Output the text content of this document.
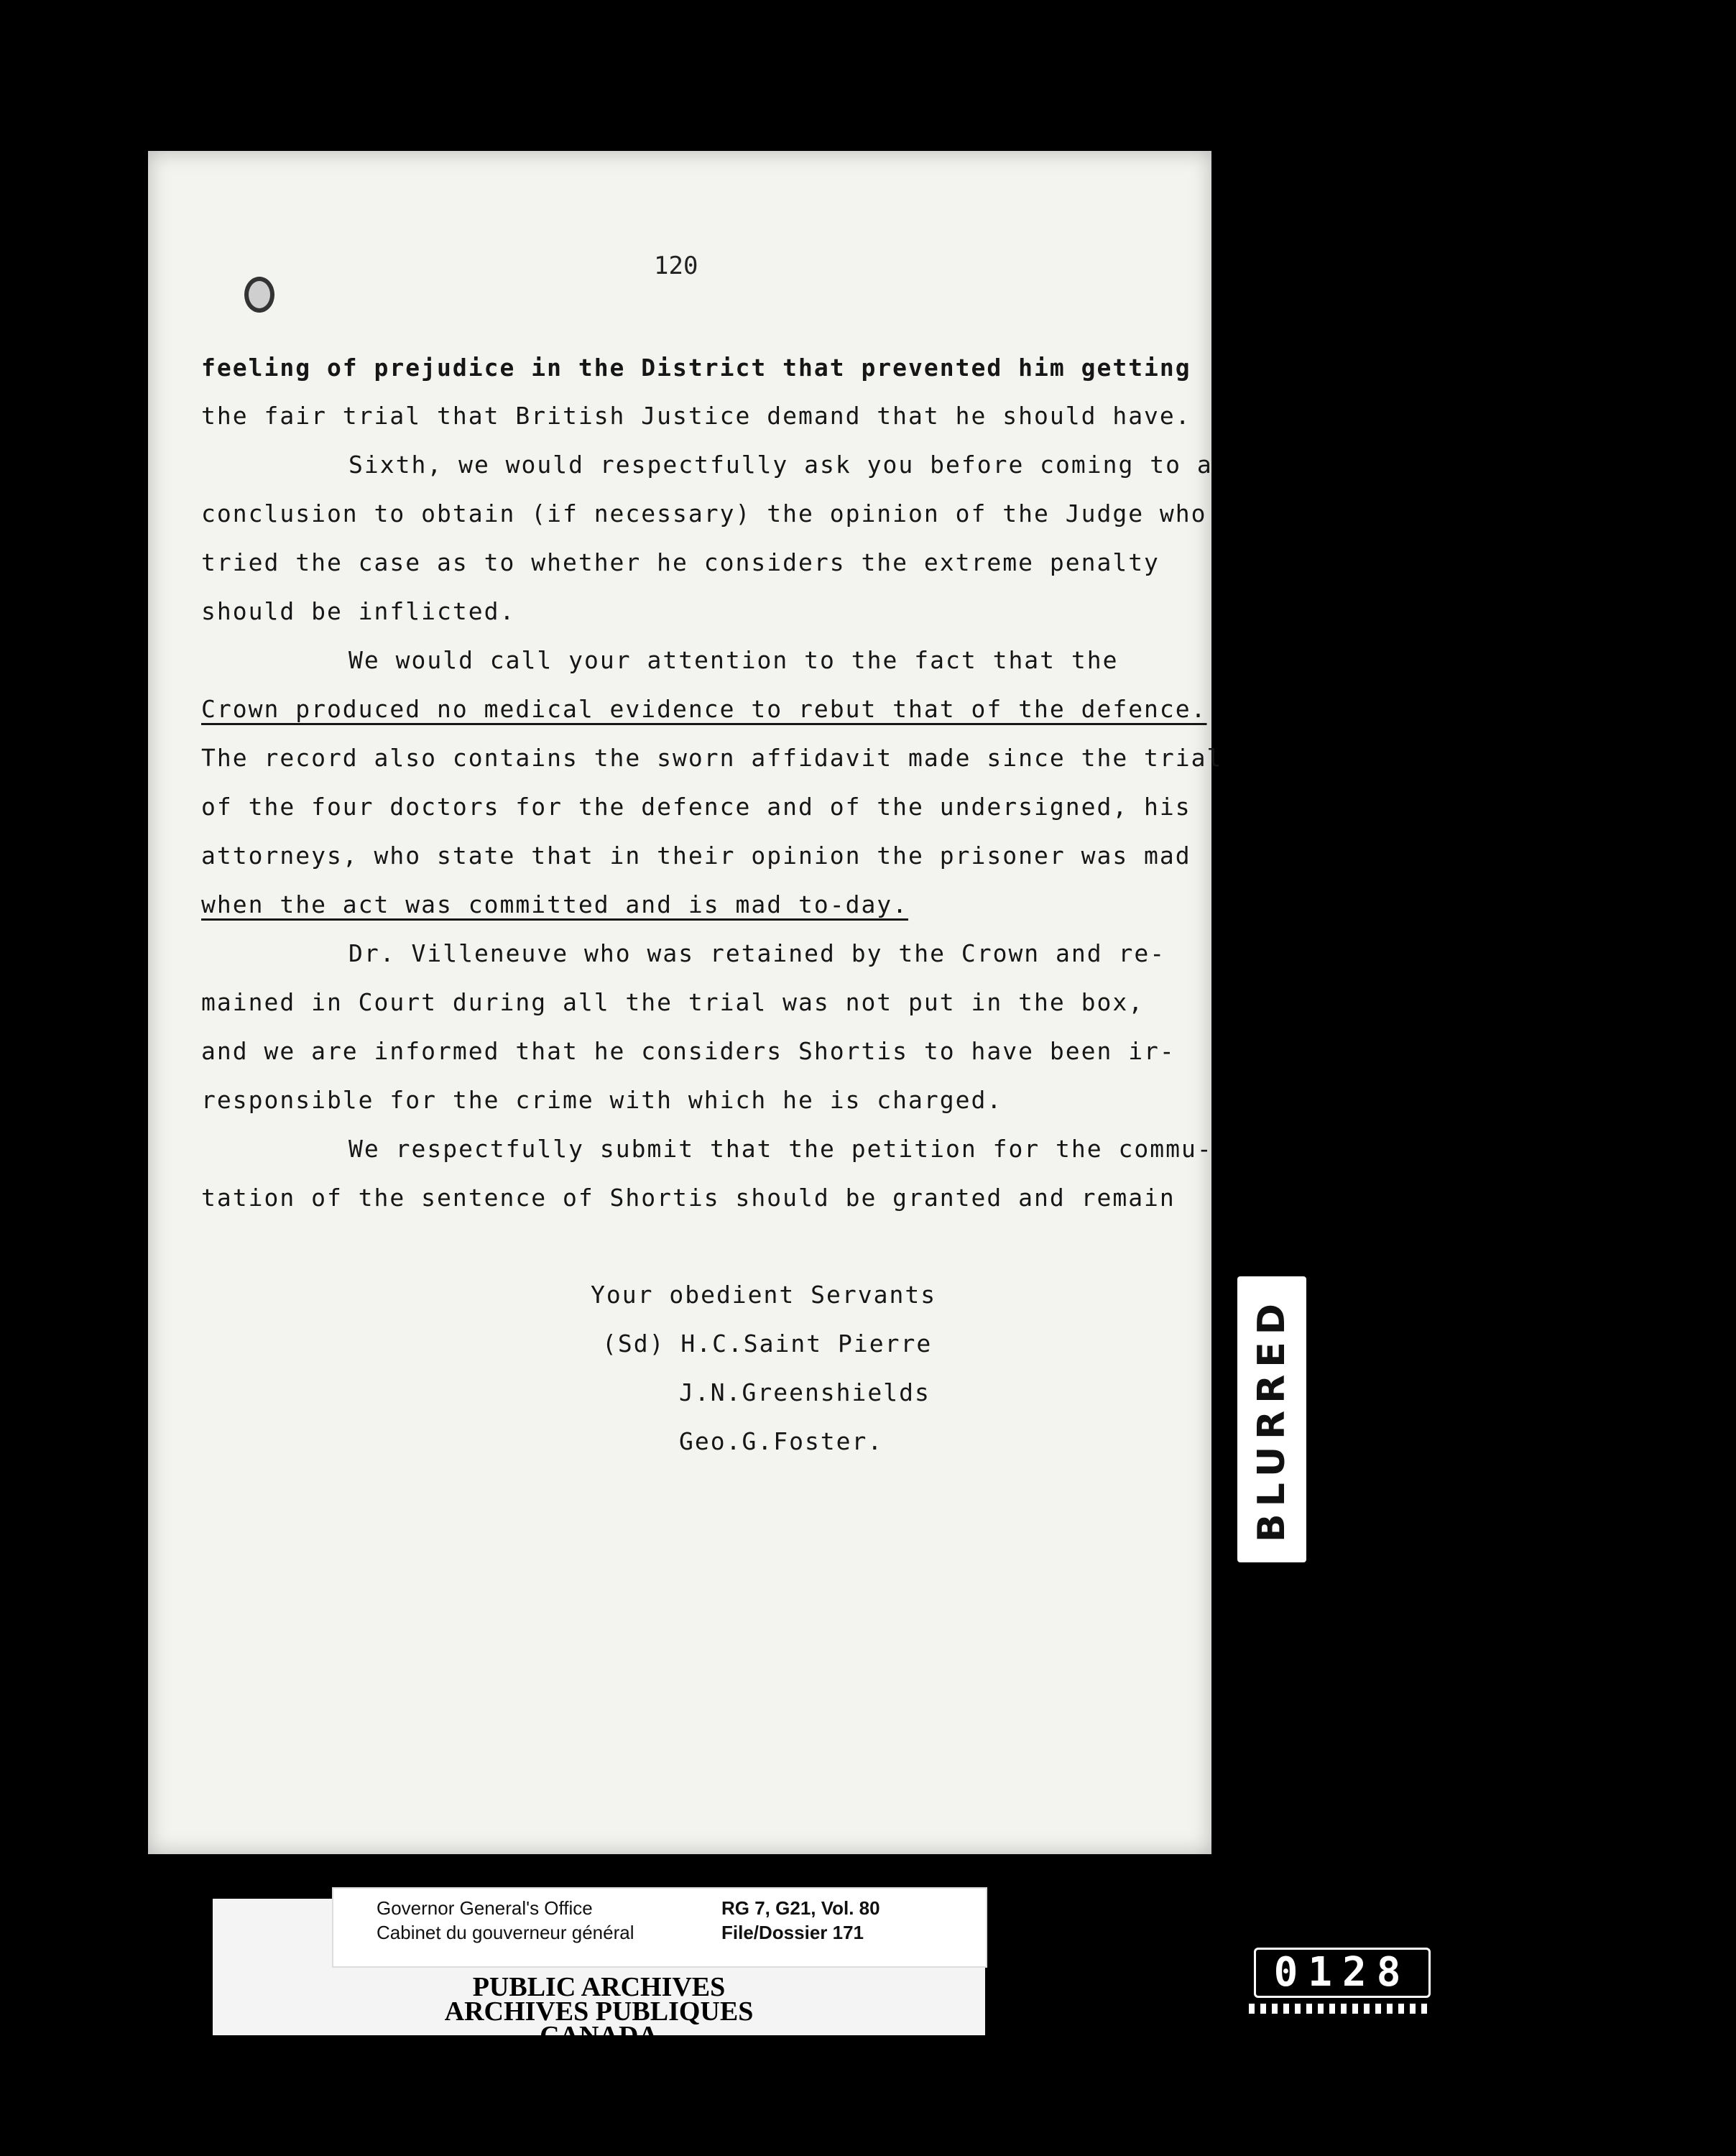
120
feeling of prejudice in the District that prevented him getting
the fair trial that British Justice demand that he should have.
Sixth, we would respectfully ask you before coming to a
conclusion to obtain (if necessary) the opinion of the Judge who
tried the case as to whether he considers the extreme penalty
should be inflicted.
We would call your attention to the fact that the
Crown produced no medical evidence to rebut that of the defence.
The record also contains the sworn affidavit made since the trial
of the four doctors for the defence and of the undersigned, his
attorneys, who state that in their opinion the prisoner was mad
when the act was committed and is mad to-day.
Dr. Villeneuve who was retained by the Crown and re-
mained in Court during all the trial was not put in the box,
and we are informed that he considers Shortis to have been ir-
responsible for the crime with which he is charged.
We respectfully submit that the petition for the commu-
tation of the sentence of Shortis should be granted and remain
Your obedient Servants
(Sd) H.C.Saint Pierre
J.N.Greenshields
Geo.G.Foster.	BLURRED
0128
Governor General's Office
Cabinet du gouverneur général
RG 7, G21, Vol. 80
File/Dossier 171
PUBLIC ARCHIVES
ARCHIVES PUBLIQUES
CANADA
